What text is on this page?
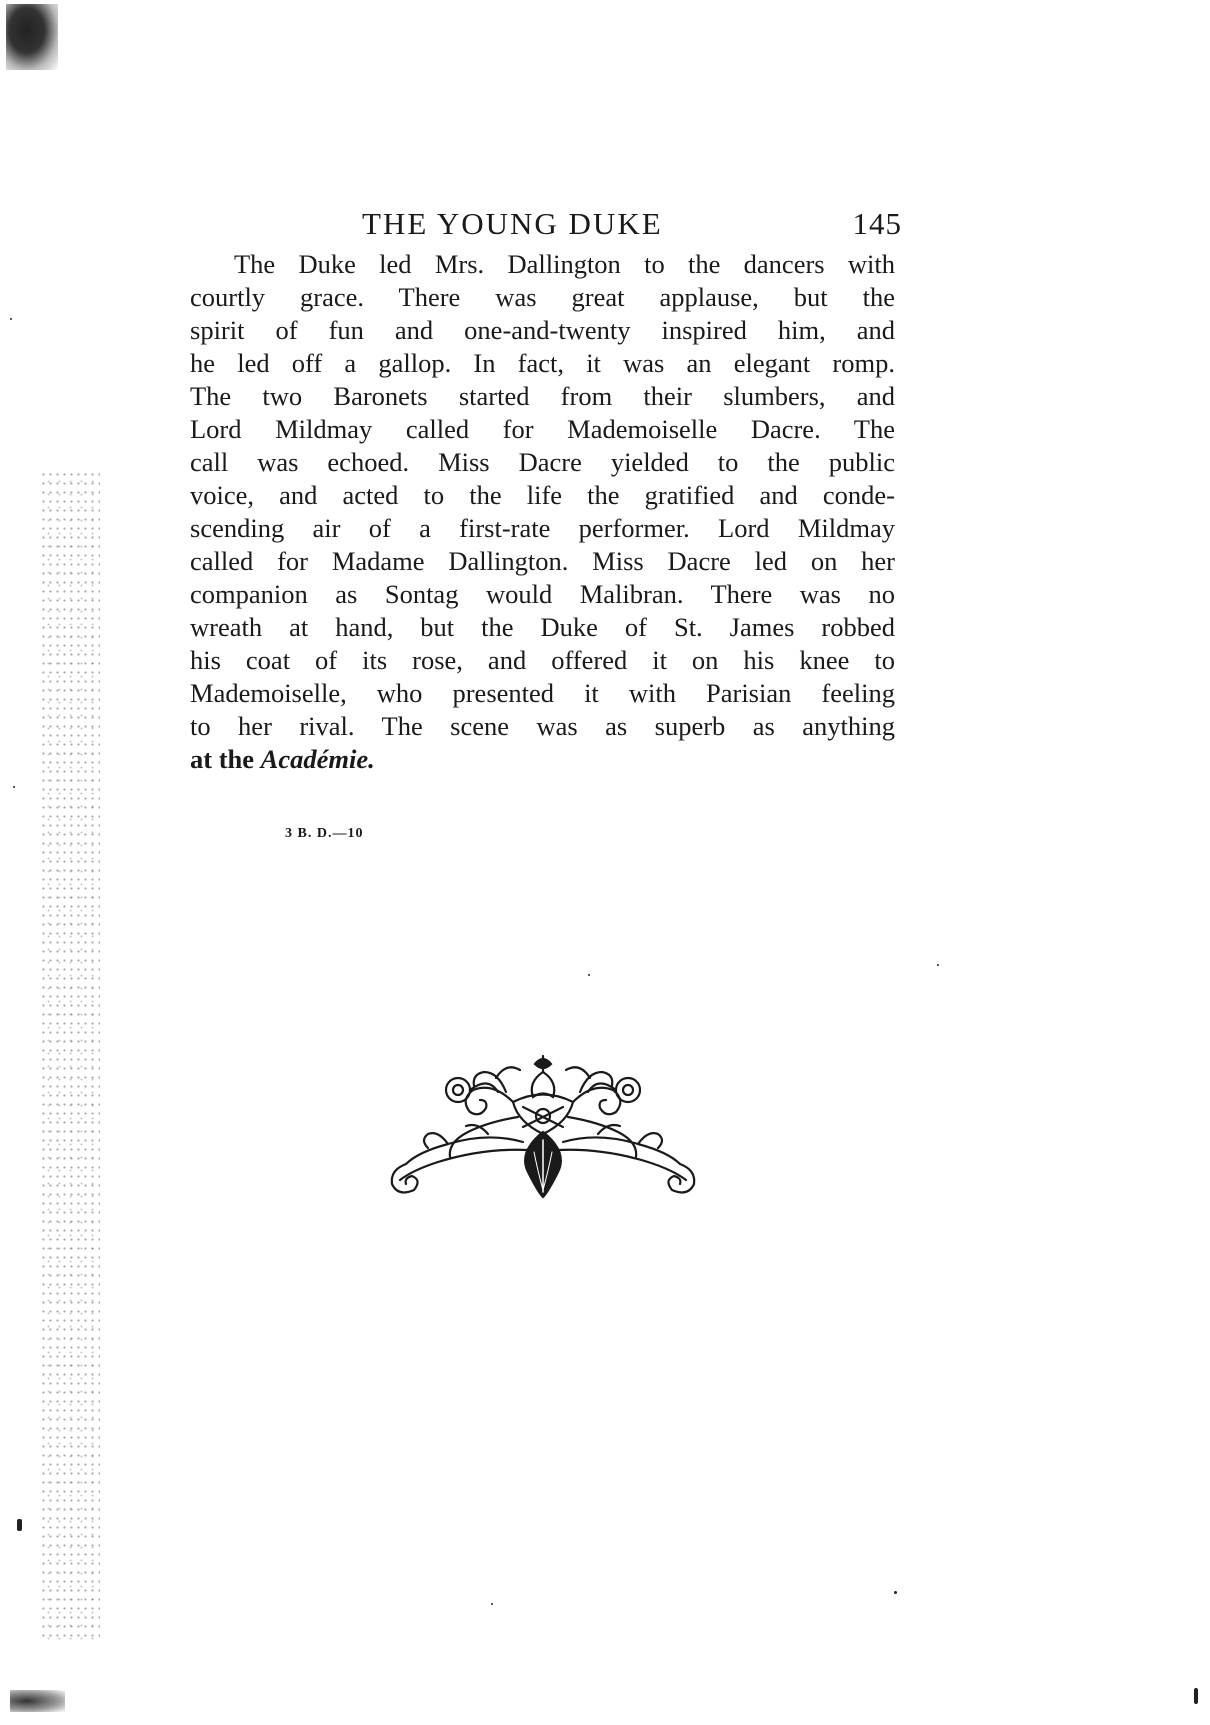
THE YOUNG DUKE	145
The Duke led Mrs. Dallington to the dancers with
courtly grace. There was great applause, but the
spirit of fun and one-and-twenty inspired him, and
he led off a gallop. In fact, it was an elegant romp.
The two Baronets started from their slumbers, and
Lord Mildmay called for Mademoiselle Dacre. The
call was echoed. Miss Dacre yielded to the public
voice, and acted to the life the gratified and conde-
scending air of a first-rate performer. Lord Mildmay
called for Madame Dallington. Miss Dacre led on her
companion as Sontag would Malibran. There was no
wreath at hand, but the Duke of St. James robbed
his coat of its rose, and offered it on his knee to
Mademoiselle, who presented it with Parisian feeling
to her rival. The scene was as superb as anything
at the Académie.
3 B. D.—10
